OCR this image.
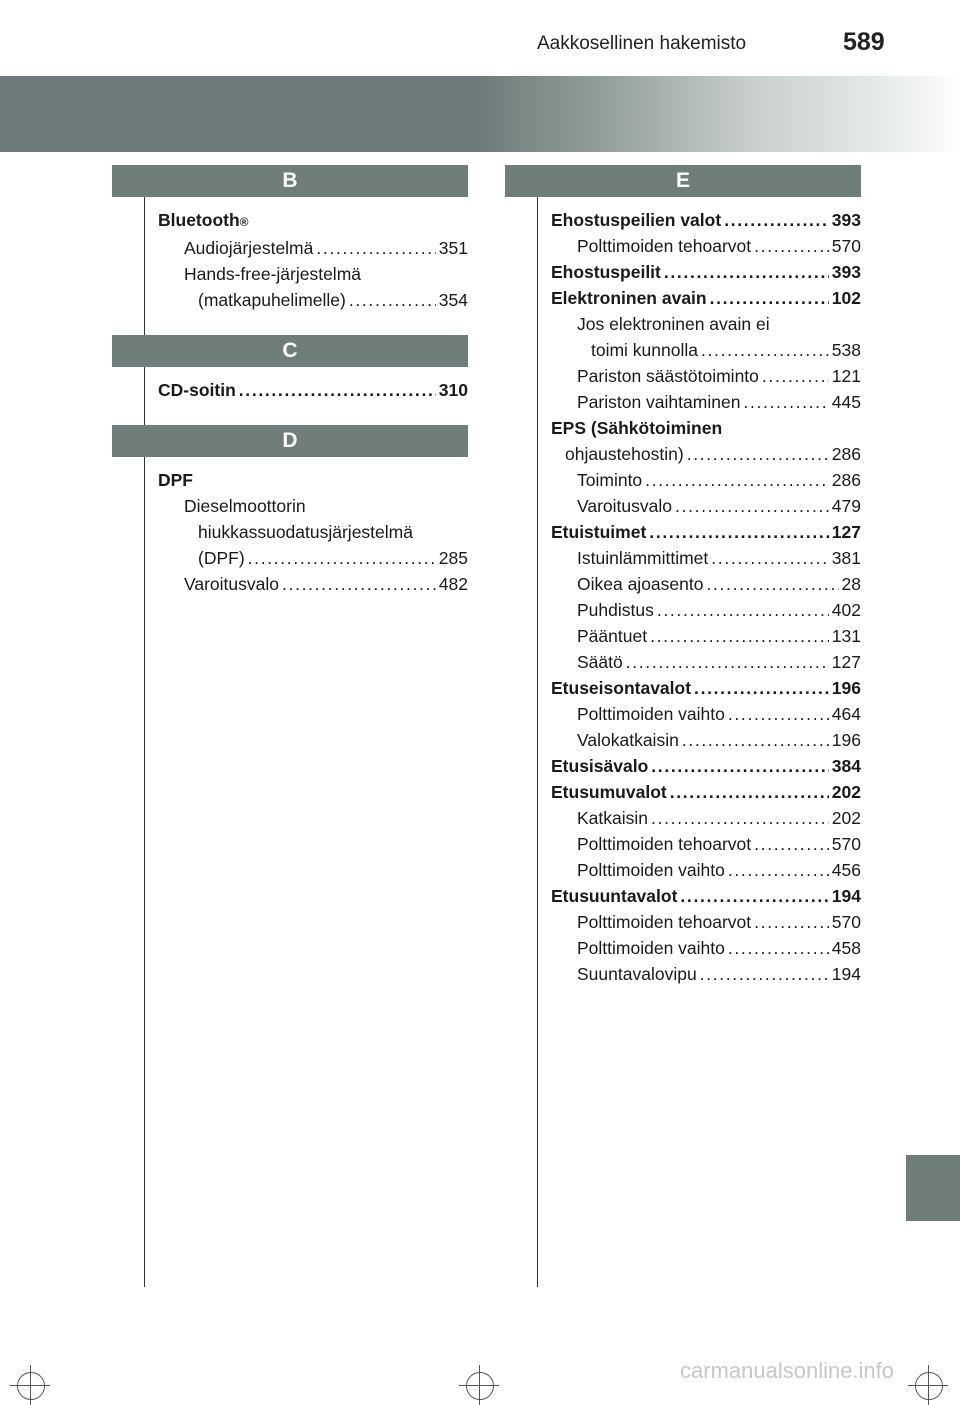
Aakkosellinen hakemisto	589
B
Bluetooth ®
Audiojärjestelmä . . .	351
Hands-free-järjestelmä
(matkapuhelimelle) . . .	354
C
CD-soitin . . .	310
D
DPF
Dieselmoottorin
hiukkassuodatusjärjestelmä
(DPF) . . .	285
Varoitusvalo . . .	482
E
Ehostuspeilien valot . . .	393
Polttimoiden tehoarvot . . .	570
Ehostuspeilit . . .	393
Elektroninen avain . . .	102
Jos elektroninen avain ei
toimi kunnolla . . .	538
Pariston säästötoiminto . . .	121
Pariston vaihtaminen . . .	445
EPS (Sähkötoiminen
ohjaustehostin) . . .	286
Toiminto . . .	286
Varoitusvalo . . .	479
Etuistuimet . . .	127
Istuinlämmittimet . . .	381
Oikea ajoasento . . .	28
Puhdistus . . .	402
Pääntuet . . .	131
Säätö . . .	127
Etuseisontavalot . . .	196
Polttimoiden vaihto . . .	464
Valokatkaisin . . .	196
Etusisävalo . . .	384
Etusumuvalot . . .	202
Katkaisin . . .	202
Polttimoiden tehoarvot . . .	570
Polttimoiden vaihto . . .	456
Etusuuntavalot . . .	194
Polttimoiden tehoarvot . . .	570
Polttimoiden vaihto . . .	458
Suuntavalovipu . . .	194
carmanualsonline.info
